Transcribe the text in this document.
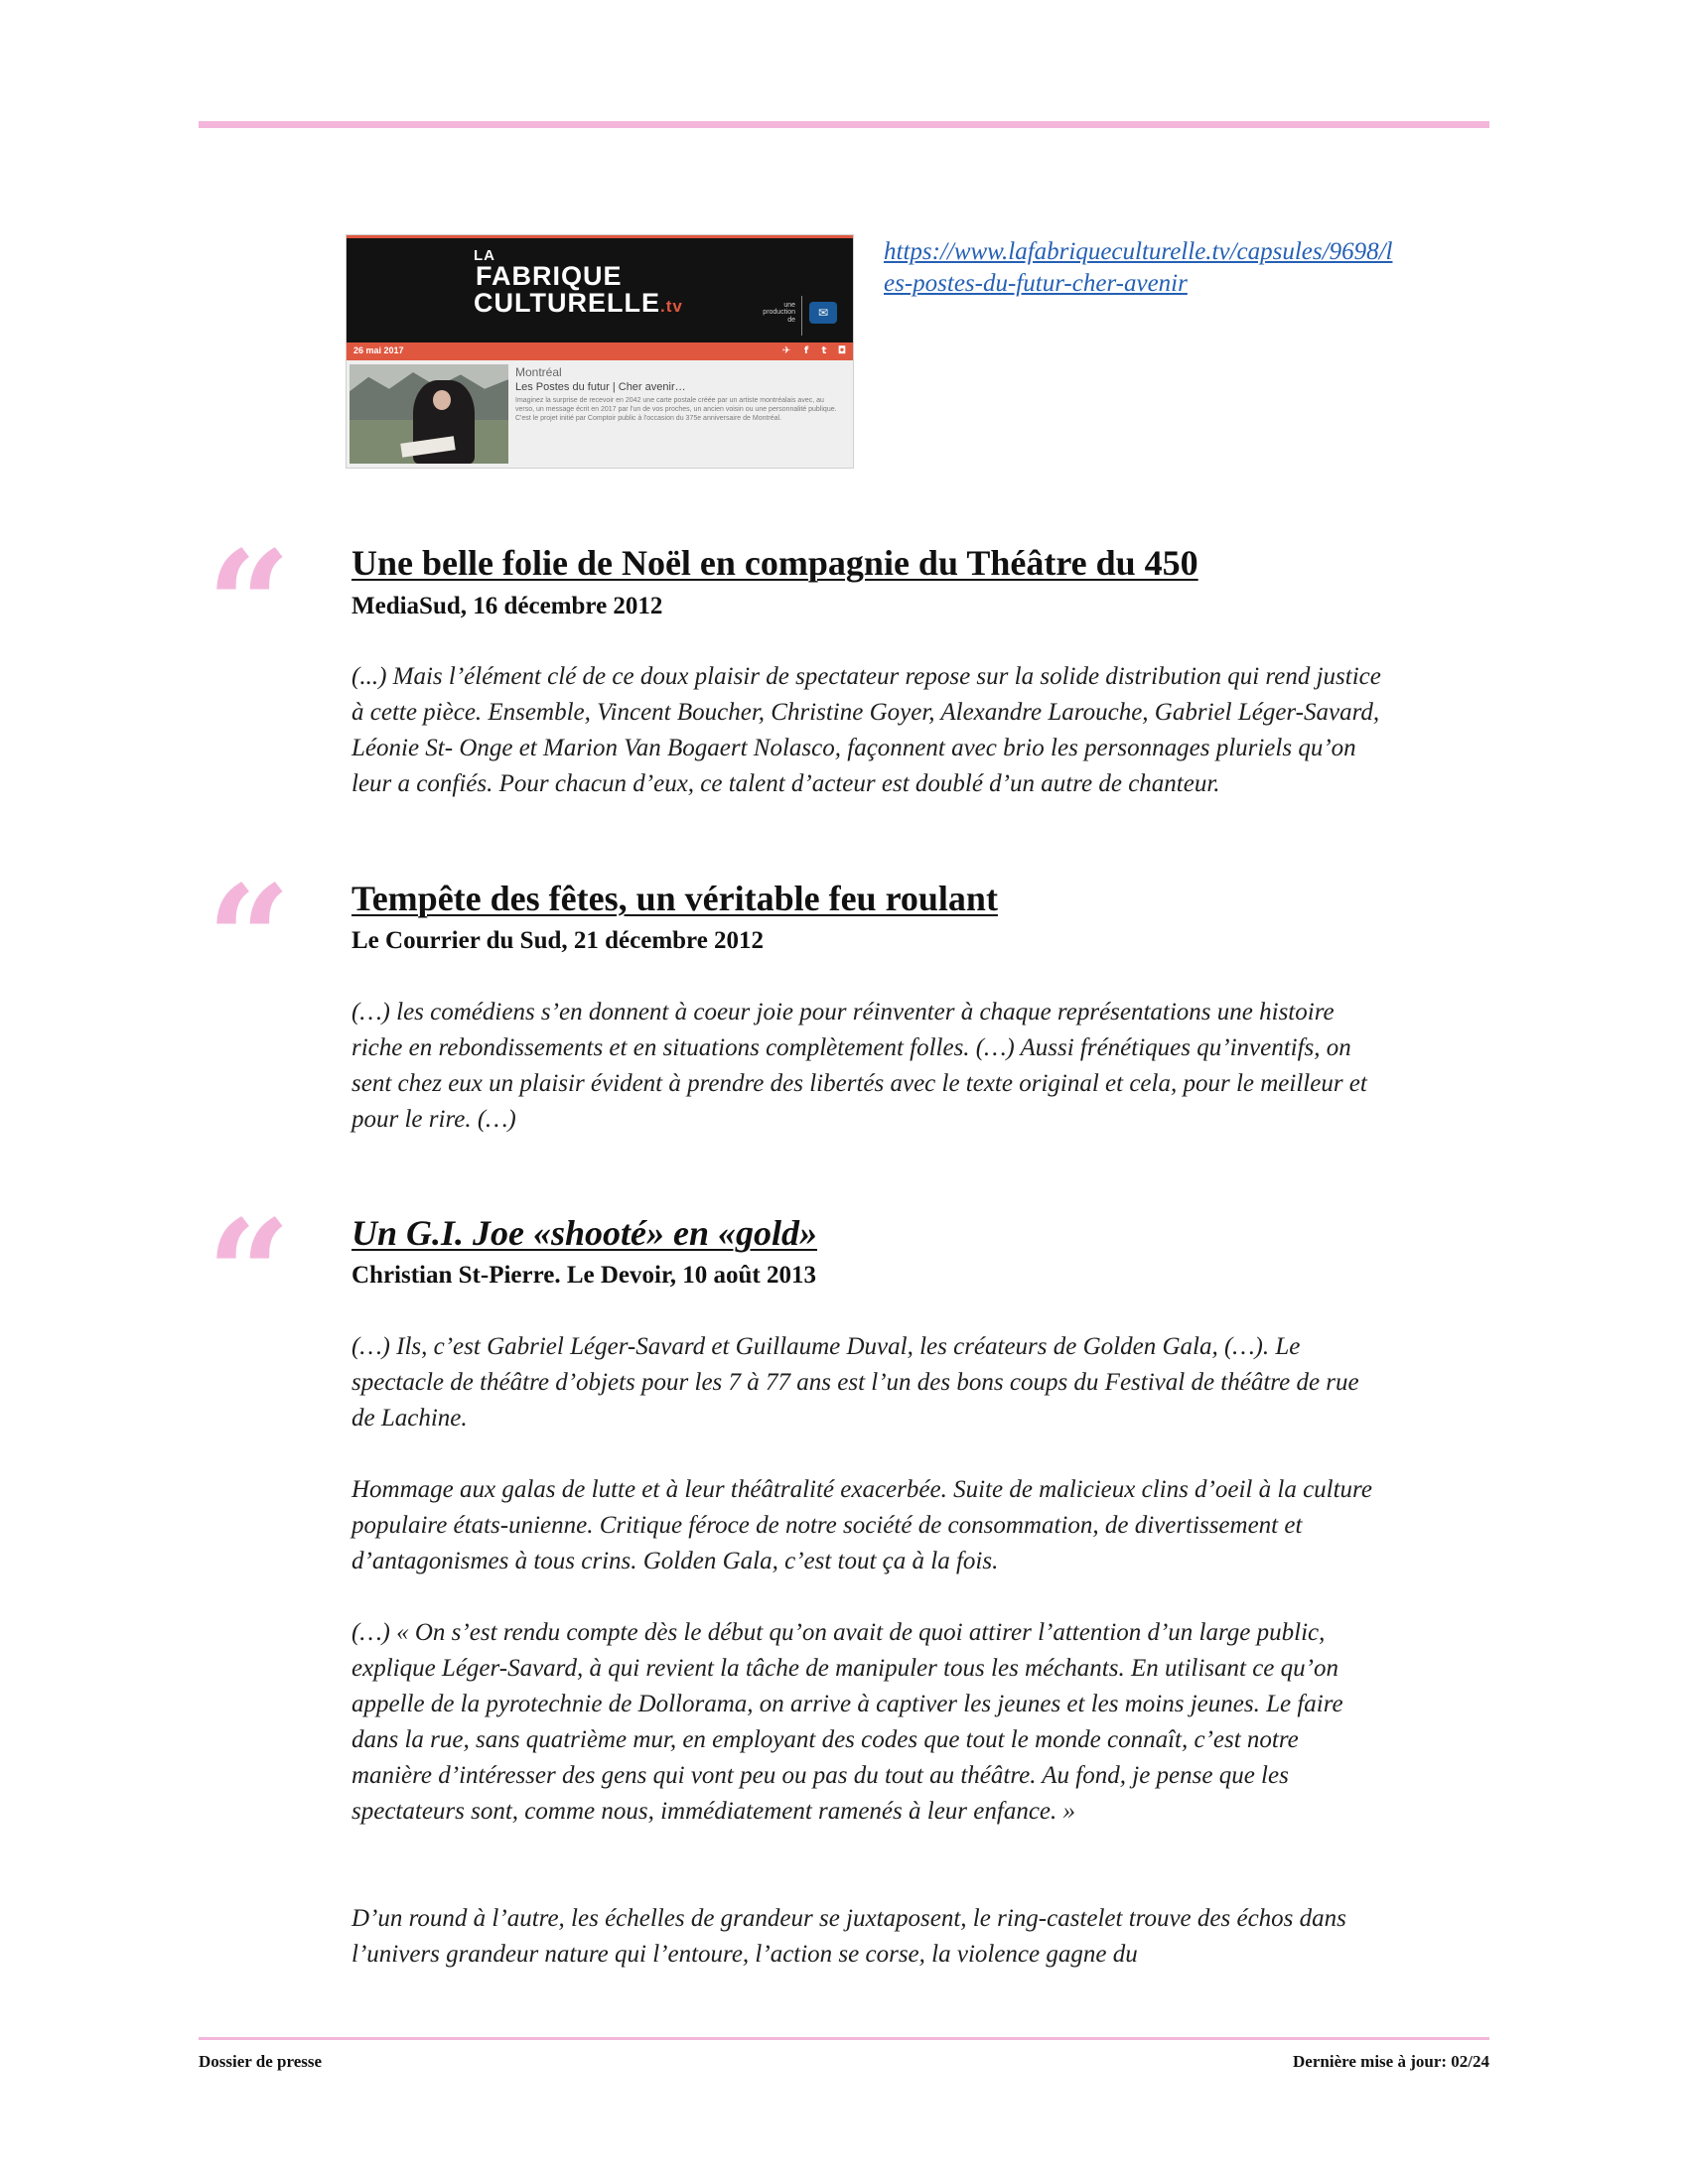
LA
FABRIQUE
CULTURELLE.tv	une production de
✉
26 mai 2017	✈	f	t	◘
Montréal
Les Postes du futur | Cher avenir…
Imaginez la surprise de recevoir en 2042 une carte postale créée par un artiste montréalais avec, au verso, un message écrit en 2017 par l'un de vos proches, un ancien voisin ou une personnalité publique. C'est le projet initié par Comptoir public à l'occasion du 375e anniversaire de Montréal.
https://www.lafabriqueculturelle.tv/capsules/9698/les-postes-du-futur-cher-avenir
“ Une belle folie de Noël en compagnie du Théâtre du 450
MediaSud, 16 décembre 2012

(...) Mais l’élément clé de ce doux plaisir de spectateur repose sur la solide distribution qui rend justice à cette pièce. Ensemble, Vincent Boucher, Christine Goyer, Alexandre Larouche, Gabriel Léger-Savard, Léonie St- Onge et Marion Van Bogaert Nolasco, façonnent avec brio les personnages pluriels qu’on leur a confiés. Pour chacun d’eux, ce talent d’acteur est doublé d’un autre de chanteur.

“ Tempête des fêtes, un véritable feu roulant
Le Courrier du Sud, 21 décembre 2012

(…) les comédiens s’en donnent à coeur joie pour réinventer à chaque représentations une histoire riche en rebondissements et en situations complètement folles. (…) Aussi frénétiques qu’inventifs, on sent chez eux un plaisir évident à prendre des libertés avec le texte original et cela, pour le meilleur et pour le rire. (…)

“ Un G.I. Joe «shooté» en «gold»
Christian St-Pierre. Le Devoir, 10 août 2013

(…) Ils, c’est Gabriel Léger-Savard et Guillaume Duval, les créateurs de Golden Gala, (…). Le spectacle de théâtre d’objets pour les 7 à 77 ans est l’un des bons coups du Festival de théâtre de rue de Lachine.

Hommage aux galas de lutte et à leur théâtralité exacerbée. Suite de malicieux clins d’oeil à la culture populaire états-unienne. Critique féroce de notre société de consommation, de divertissement et d’antagonismes à tous crins. Golden Gala, c’est tout ça à la fois.

(…) « On s’est rendu compte dès le début qu’on avait de quoi attirer l’attention d’un large public, explique Léger-Savard, à qui revient la tâche de manipuler tous les méchants. En utilisant ce qu’on appelle de la pyrotechnie de Dollorama, on arrive à captiver les jeunes et les moins jeunes. Le faire dans la rue, sans quatrième mur, en employant des codes que tout le monde connaît, c’est notre manière d’intéresser des gens qui vont peu ou pas du tout au théâtre. Au fond, je pense que les spectateurs sont, comme nous, immédiatement ramenés à leur enfance. »

D’un round à l’autre, les échelles de grandeur se juxtaposent, le ring-castelet trouve des échos dans l’univers grandeur nature qui l’entoure, l’action se corse, la violence gagne du

Dossier de presse	Dernière mise à jour: 02/24
